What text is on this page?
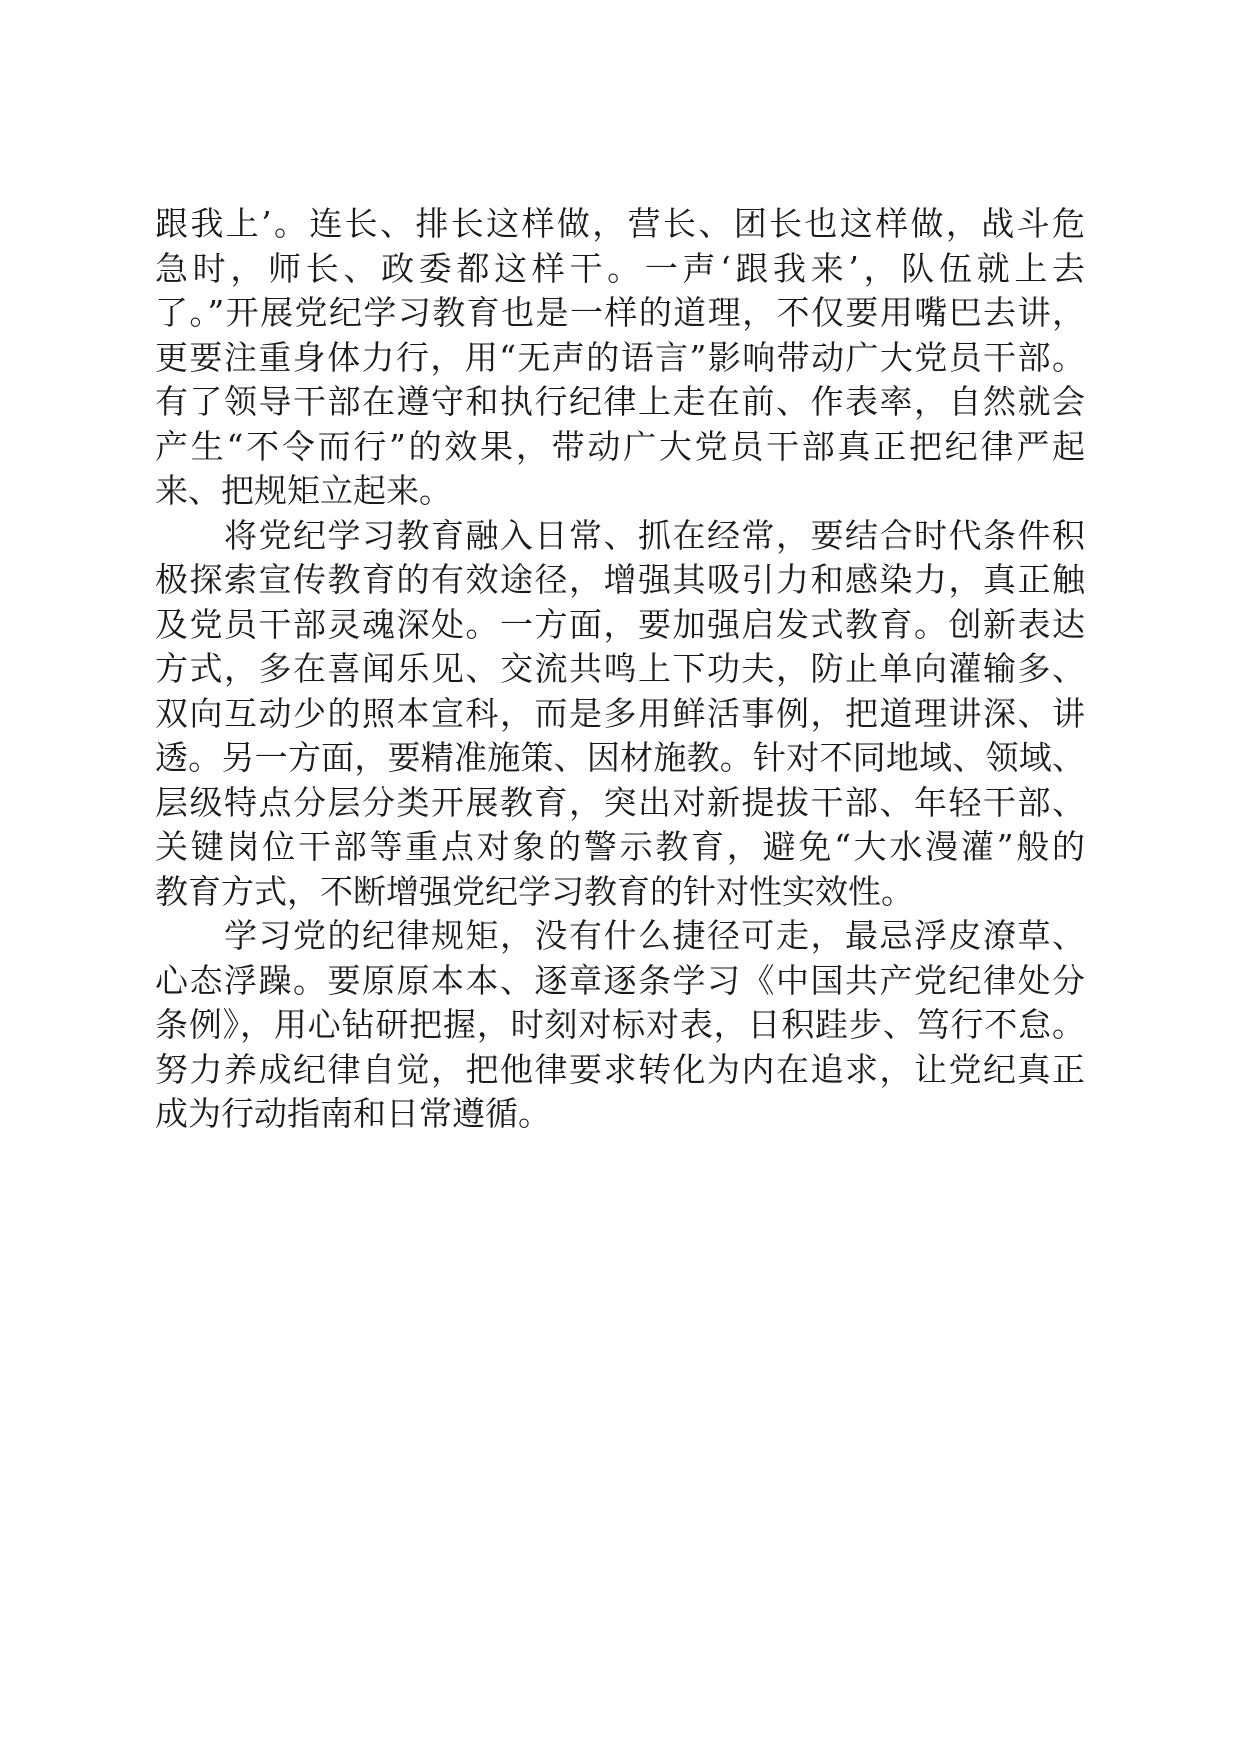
跟我上’。连长、排长这样做，营长、团长也这样做，战斗危
急时，师长、政委都这样干。一声‘跟我来’，队伍就上去
了。”开展党纪学习教育也是一样的道理，不仅要用嘴巴去讲，
更要注重身体力行，用“无声的语言”影响带动广大党员干部。
有了领导干部在遵守和执行纪律上走在前、作表率，自然就会
产生“不令而行”的效果，带动广大党员干部真正把纪律严起
来、把规矩立起来。
　　将党纪学习教育融入日常、抓在经常，要结合时代条件积
极探索宣传教育的有效途径，增强其吸引力和感染力，真正触
及党员干部灵魂深处。一方面，要加强启发式教育。创新表达
方式，多在喜闻乐见、交流共鸣上下功夫，防止单向灌输多、
双向互动少的照本宣科，而是多用鲜活事例，把道理讲深、讲
透。另一方面，要精准施策、因材施教。针对不同地域、领域、
层级特点分层分类开展教育，突出对新提拔干部、年轻干部、
关键岗位干部等重点对象的警示教育，避免“大水漫灌”般的
教育方式，不断增强党纪学习教育的针对性实效性。
　　学习党的纪律规矩，没有什么捷径可走，最忌浮皮潦草、
心态浮躁。要原原本本、逐章逐条学习《中国共产党纪律处分
条例》，用心钻研把握，时刻对标对表，日积跬步、笃行不怠。
努力养成纪律自觉，把他律要求转化为内在追求，让党纪真正
成为行动指南和日常遵循。
